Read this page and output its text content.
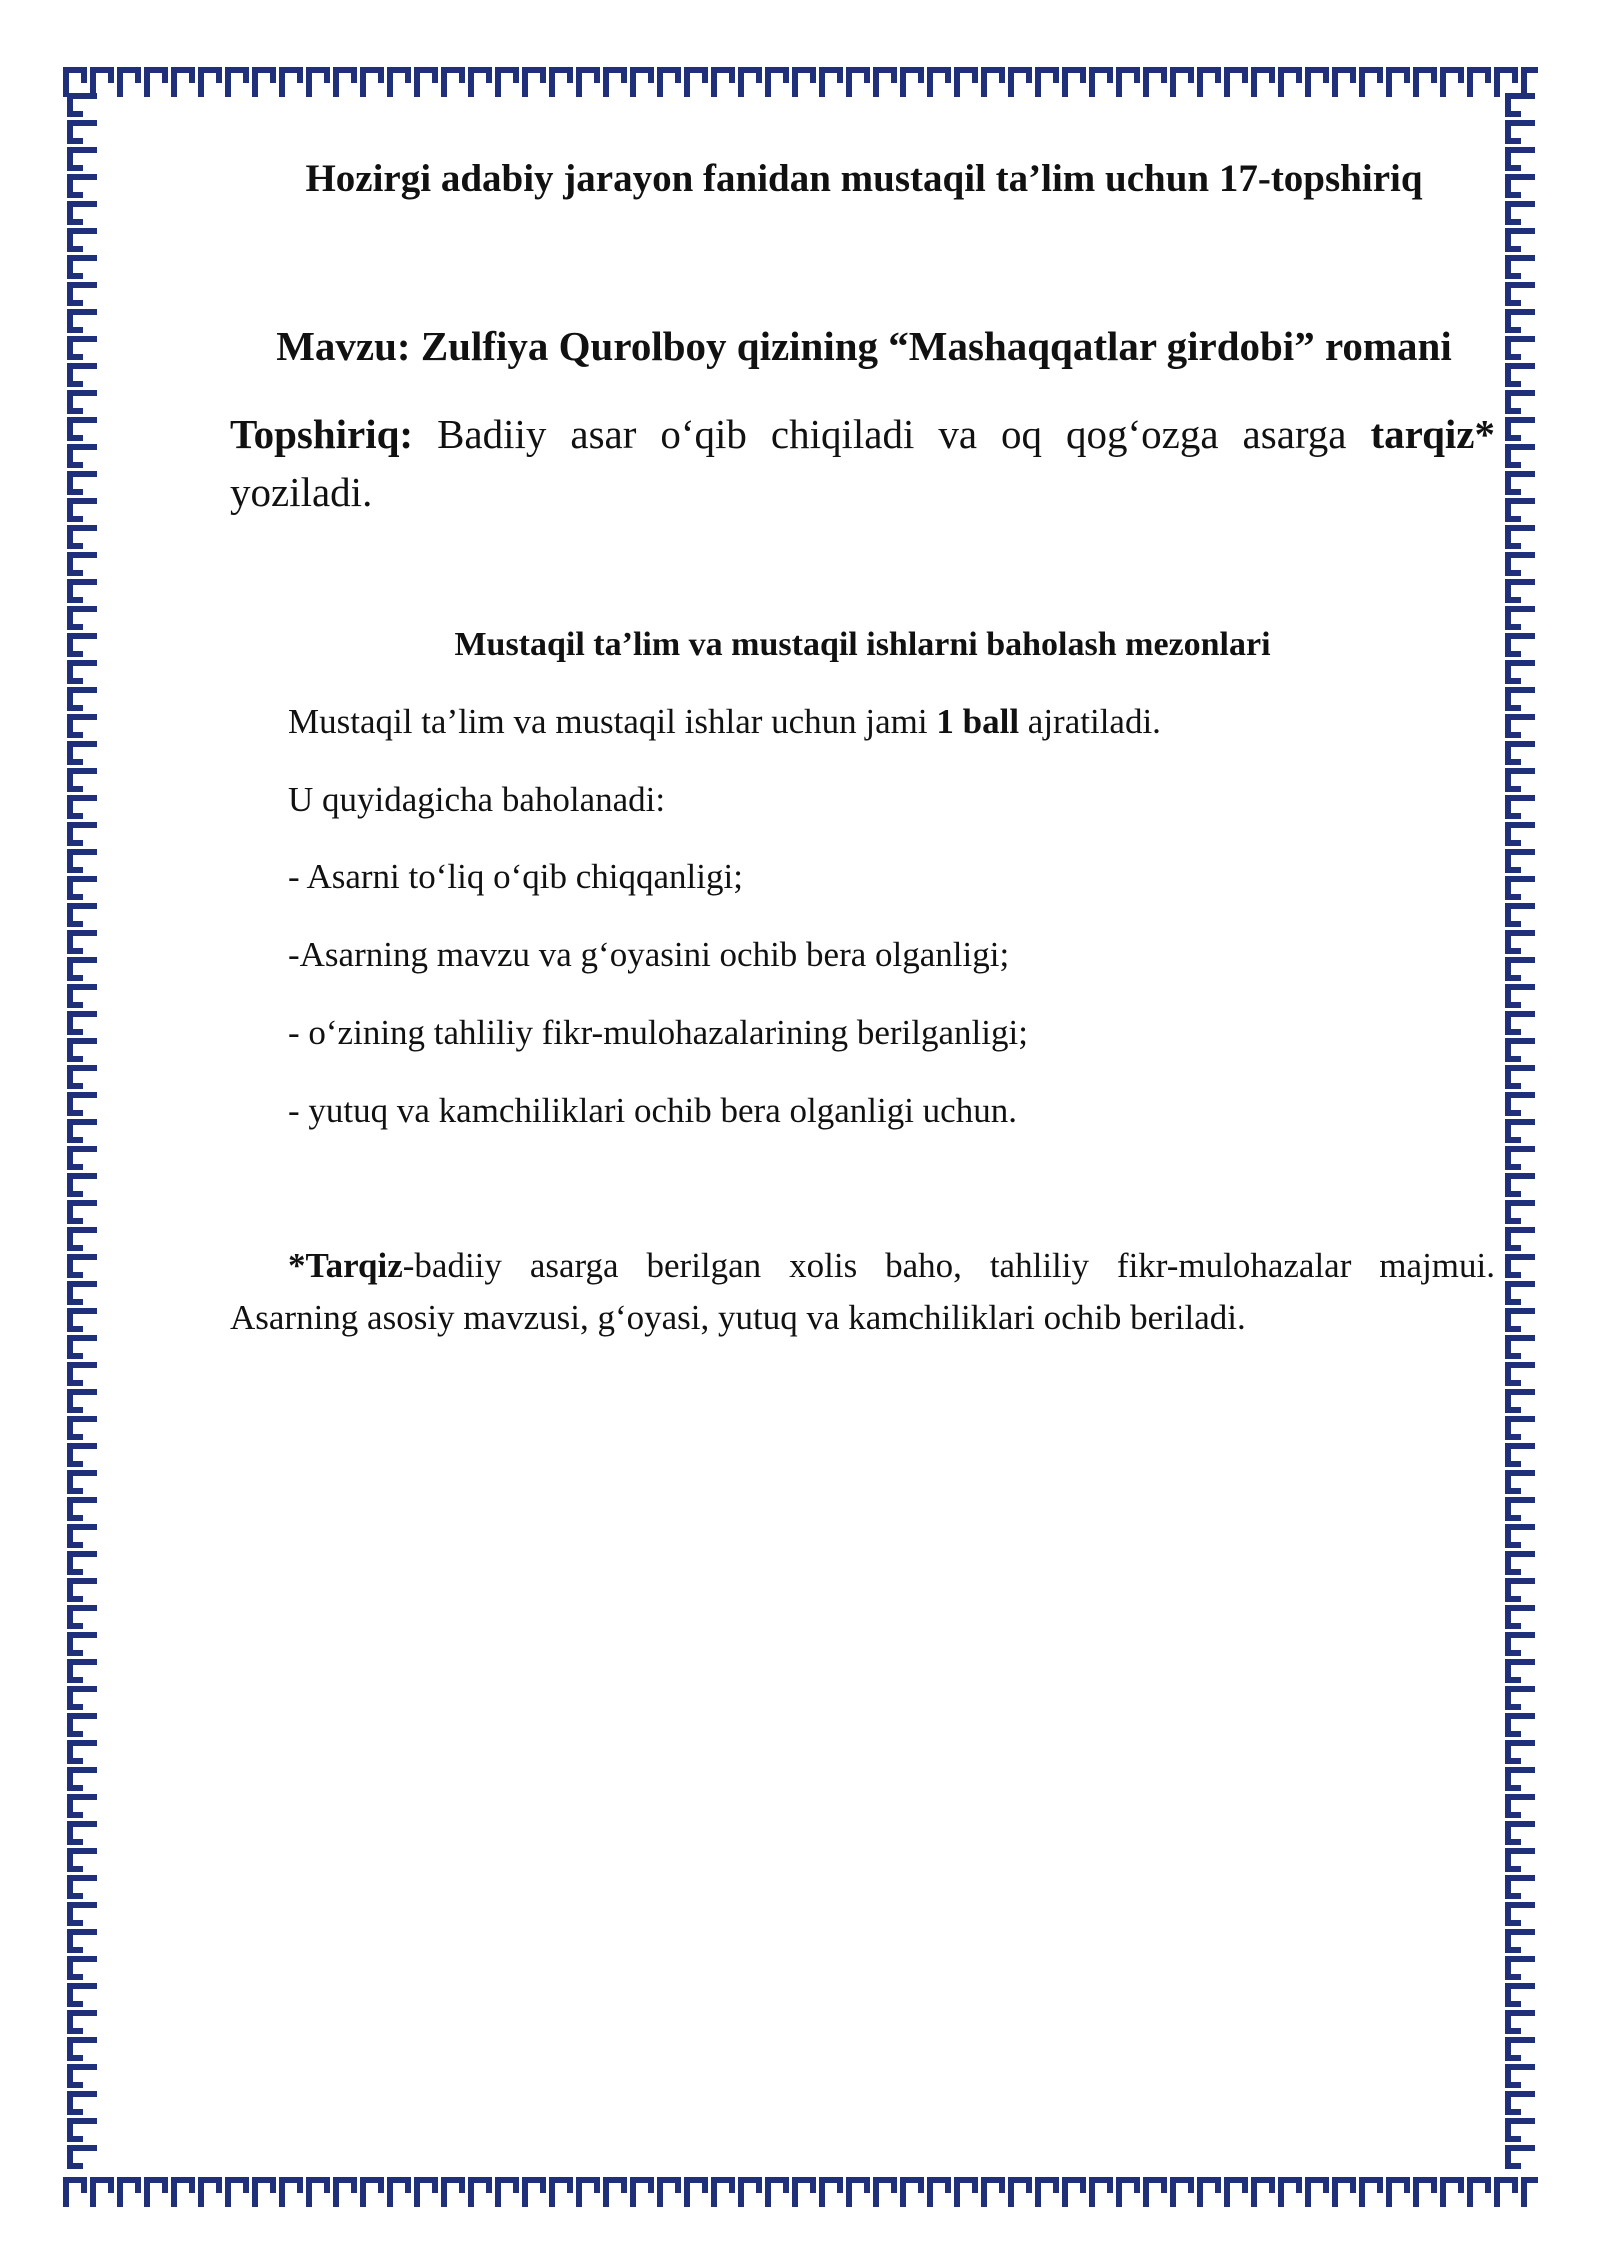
Hozirgi adabiy jarayon fanidan mustaqil ta’lim uchun 17-topshiriq
Mavzu: Zulfiya Qurolboy qizining “Mashaqqatlar girdobi” romani
Topshiriq: Badiiy asar o‘qib chiqiladi va oq qog‘ozga asarga tarqiz* yoziladi.
Mustaqil ta’lim va mustaqil ishlarni baholash mezonlari
Mustaqil ta’lim va mustaqil ishlar uchun jami 1 ball ajratiladi.
U quyidagicha baholanadi:
- Asarni to‘liq o‘qib chiqqanligi;
-Asarning mavzu va g‘oyasini ochib bera olganligi;
- o‘zining tahliliy fikr-mulohazalarining berilganligi;
- yutuq va kamchiliklari ochib bera olganligi uchun.
*Tarqiz-badiiy asarga berilgan xolis baho, tahliliy fikr-mulohazalar majmui. Asarning asosiy mavzusi, g‘oyasi, yutuq va kamchiliklari ochib beriladi.
